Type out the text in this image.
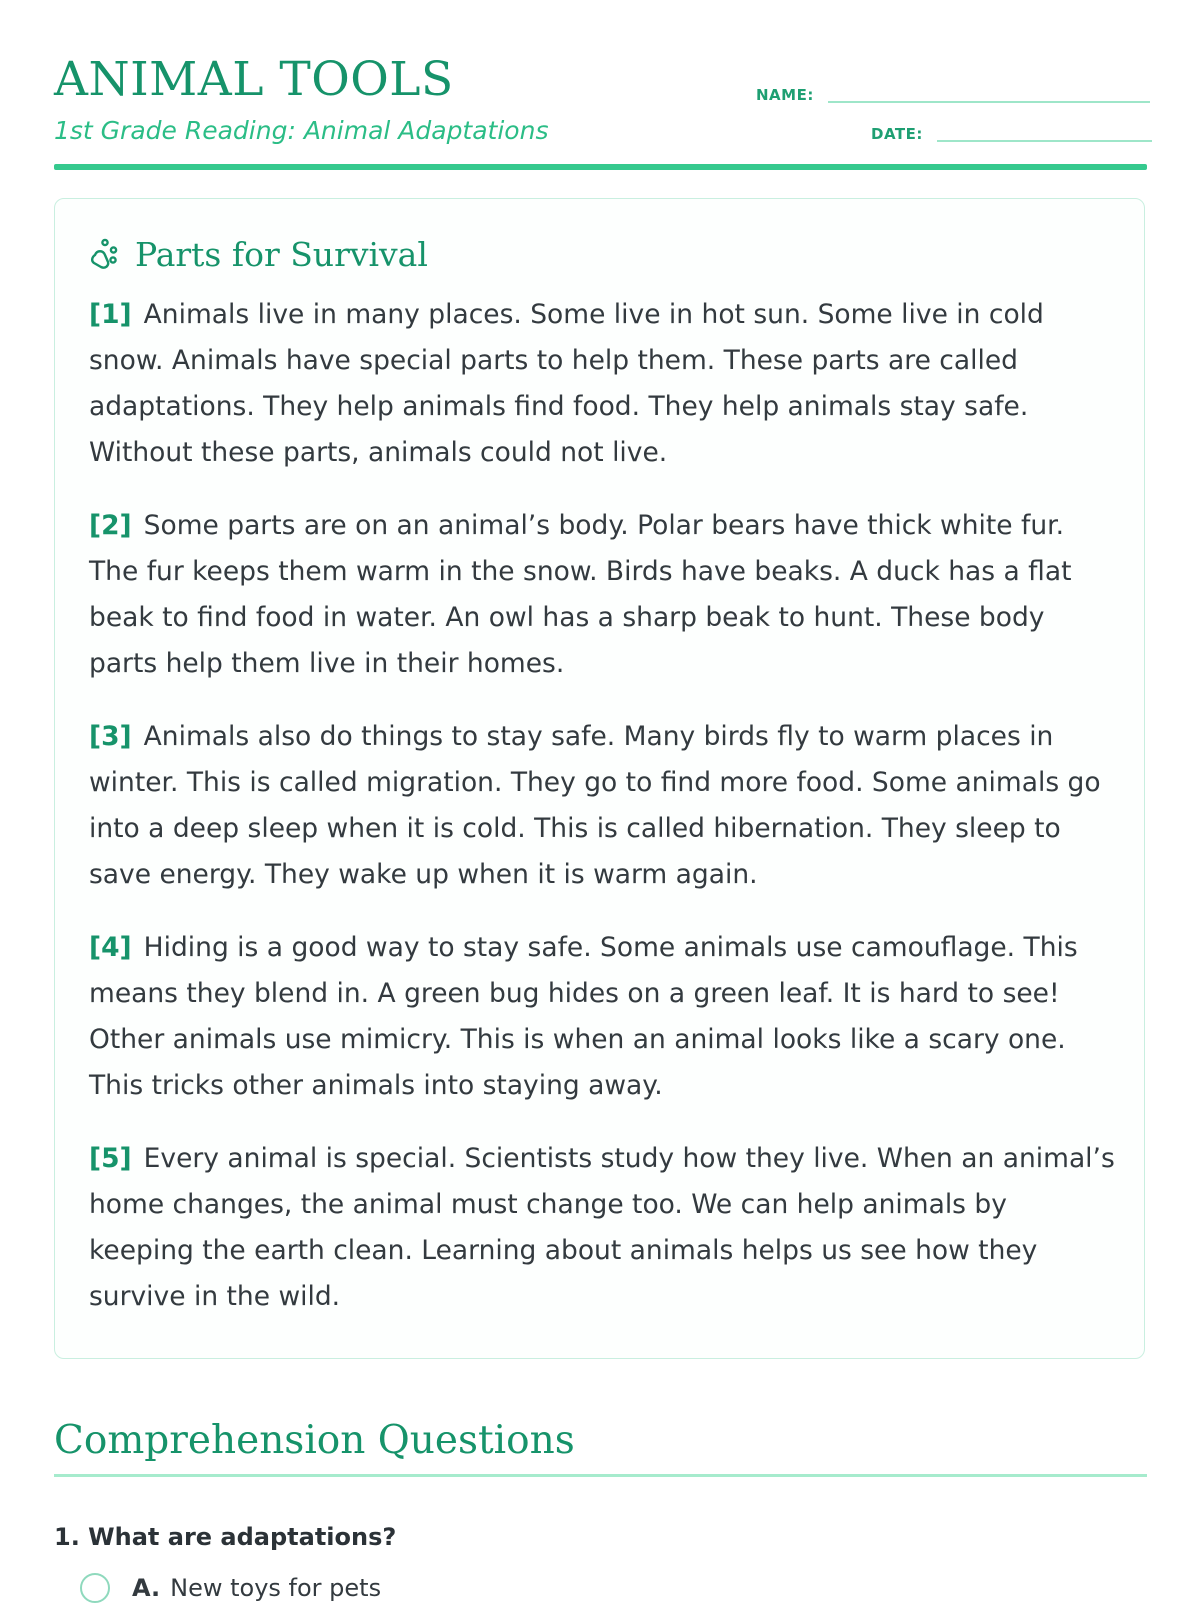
ANIMAL TOOLS
1st Grade Reading: Animal Adaptations
NAME:
DATE:
Parts for Survival

[1] Animals live in many places. Some live in hot sun. Some live in cold snow. Animals have special parts to help them. These parts are called adaptations. They help animals find food. They help animals stay safe. Without these parts, animals could not live.

[2] Some parts are on an animal’s body. Polar bears have thick white fur. The fur keeps them warm in the snow. Birds have beaks. A duck has a flat beak to find food in water. An owl has a sharp beak to hunt. These body parts help them live in their homes.

[3] Animals also do things to stay safe. Many birds fly to warm places in winter. This is called migration. They go to find more food. Some animals go into a deep sleep when it is cold. This is called hibernation. They sleep to save energy. They wake up when it is warm again.

[4] Hiding is a good way to stay safe. Some animals use camouflage. This means they blend in. A green bug hides on a green leaf. It is hard to see! Other animals use mimicry. This is when an animal looks like a scary one. This tricks other animals into staying away.

[5] Every animal is special. Scientists study how they live. When an animal’s home changes, the animal must change too. We can help animals by keeping the earth clean. Learning about animals helps us see how they survive in the wild.

Comprehension Questions
1. What are adaptations?
A. New toys for pets
